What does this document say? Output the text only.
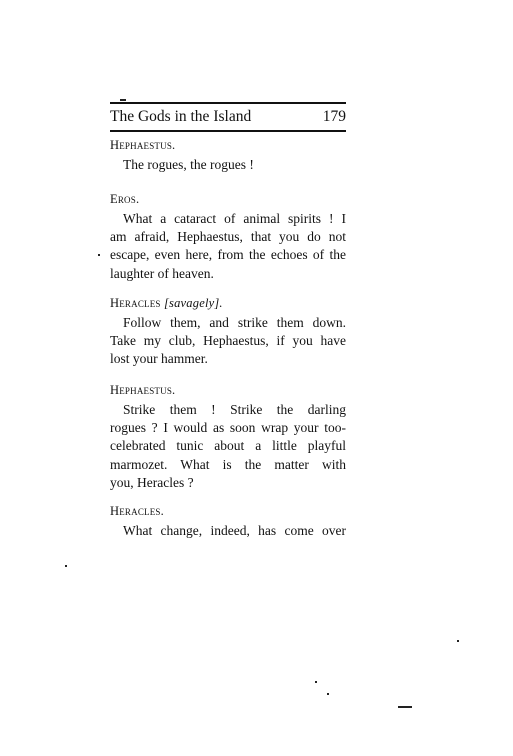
The Gods in the Island	179
Hephaestus.
The rogues, the rogues !
Eros.
What a cataract of animal spirits ! I
am afraid, Hephaestus, that you do not
escape, even here, from the echoes of the
laughter of heaven.
Heracles [savagely].
Follow them, and strike them down.
Take my club, Hephaestus, if you have
lost your hammer.
Hephaestus.
Strike them ! Strike the darling
rogues ? I would as soon wrap your too-
celebrated tunic about a little playful
marmozet. What is the matter with
you, Heracles ?
Heracles.
What change, indeed, has come over
